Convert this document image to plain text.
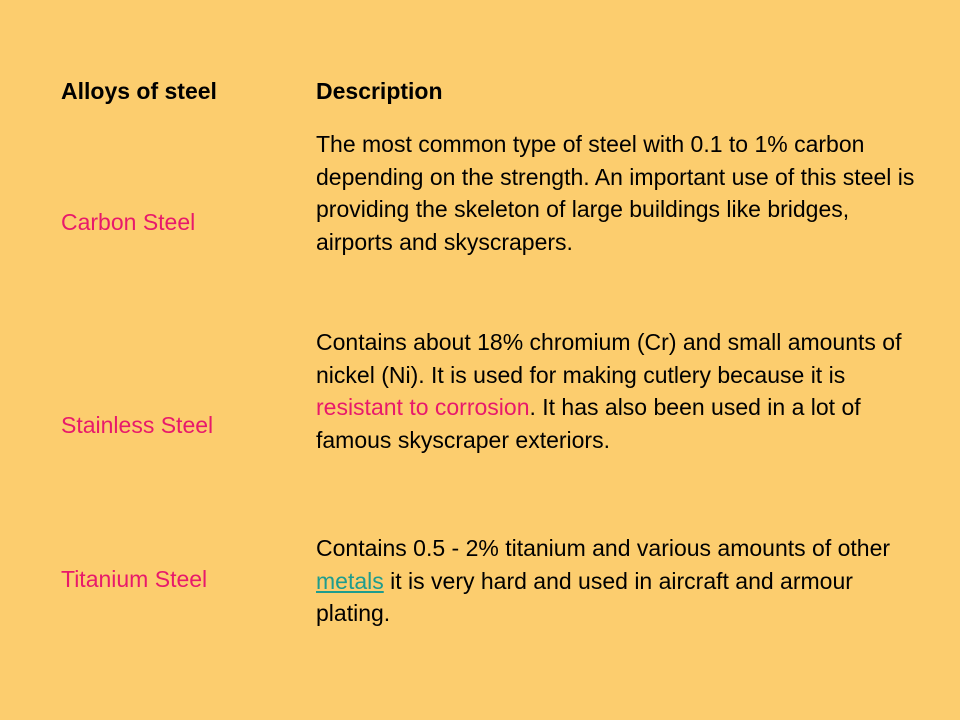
Alloys of steel	Description
Carbon Steel
The most common type of steel with 0.1 to 1% carbon depending on the strength. An important use of this steel is providing the skeleton of large buildings like bridges, airports and skyscrapers.
Stainless Steel
Contains about 18% chromium (Cr) and small amounts of nickel (Ni). It is used for making cutlery because it is resistant to corrosion. It has also been used in a lot of famous skyscraper exteriors.
Titanium Steel
Contains 0.5 - 2% titanium and various amounts of other metals it is very hard and used in aircraft and armour plating.
